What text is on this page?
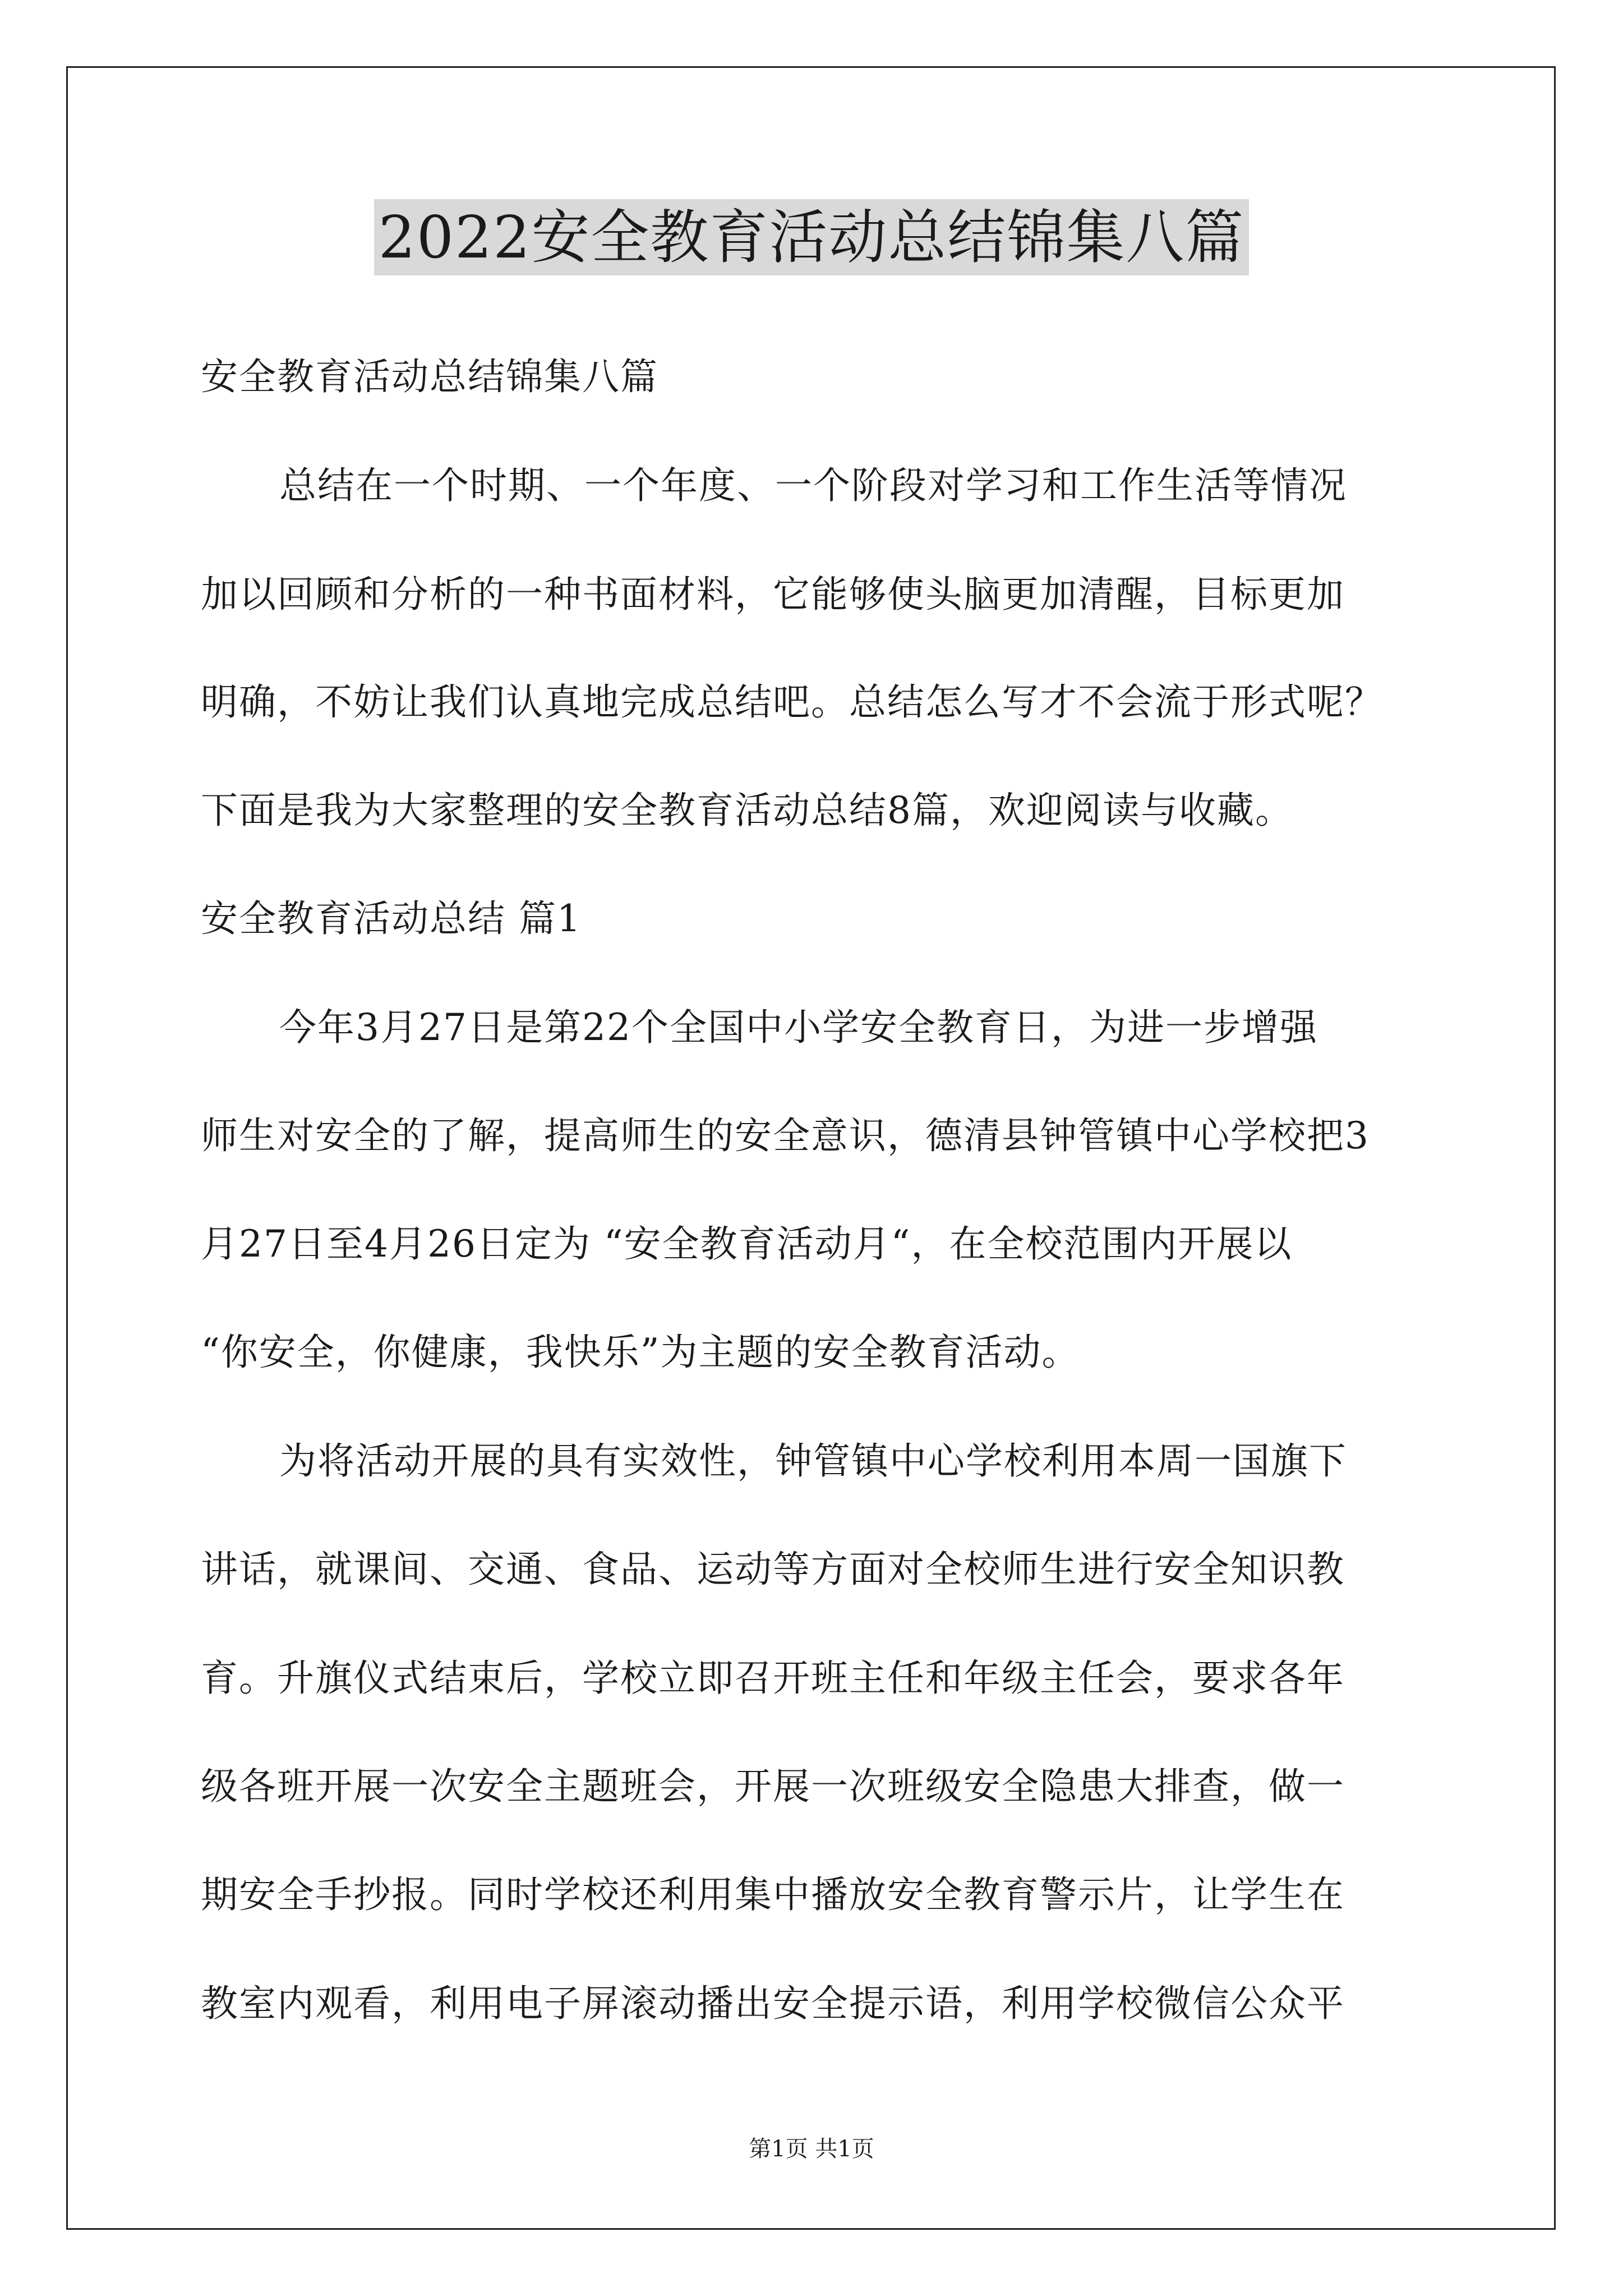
2022安全教育活动总结锦集八篇
安全教育活动总结锦集八篇
总结在一个时期、一个年度、一个阶段对学习和工作生活等情况
加以回顾和分析的一种书面材料，它能够使头脑更加清醒，目标更加
明确，不妨让我们认真地完成总结吧。总结怎么写才不会流于形式呢？
下面是我为大家整理的安全教育活动总结8篇，欢迎阅读与收藏。
安全教育活动总结 篇1
今年3月27日是第22个全国中小学安全教育日，为进一步增强
师生对安全的了解，提高师生的安全意识，德清县钟管镇中心学校把3
月27日至4月26日定为 “安全教育活动月“，在全校范围内开展以
“你安全，你健康，我快乐”为主题的安全教育活动。
为将活动开展的具有实效性，钟管镇中心学校利用本周一国旗下
讲话，就课间、交通、食品、运动等方面对全校师生进行安全知识教
育。升旗仪式结束后，学校立即召开班主任和年级主任会，要求各年
级各班开展一次安全主题班会，开展一次班级安全隐患大排查，做一
期安全手抄报。同时学校还利用集中播放安全教育警示片，让学生在
教室内观看，利用电子屏滚动播出安全提示语，利用学校微信公众平
第1页 共1页
